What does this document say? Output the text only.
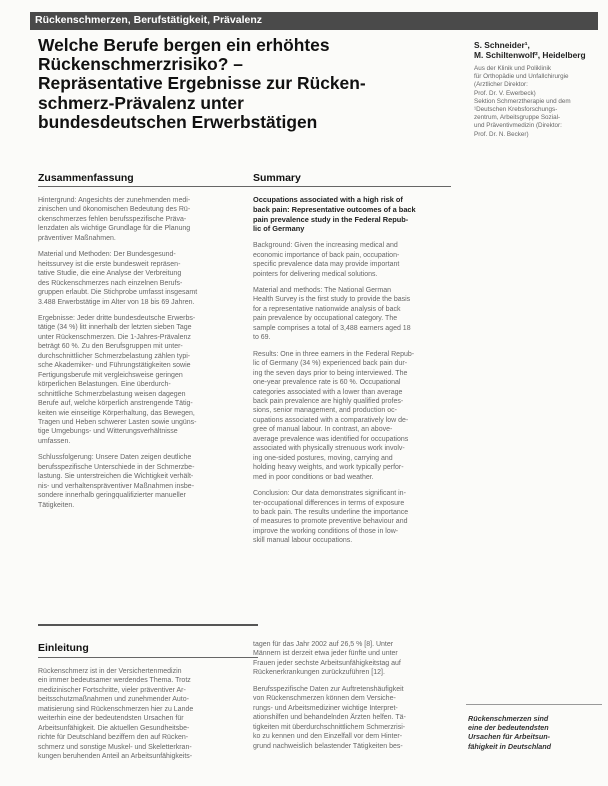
Rückenschmerzen, Berufstätigkeit, Prävalenz
Welche Berufe bergen ein erhöhtes
Rückenschmerzrisiko? –
Repräsentative Ergebnisse zur Rücken-
schmerz-Prävalenz unter
bundesdeutschen Erwerbstätigen
S. Schneider¹,
M. Schiltenwolf², Heidelberg
Aus der Klinik und Poliklinik
für Orthopädie und Unfallchirurgie
(Ärztlicher Direktor:
Prof. Dr. V. Ewerbeck)
Sektion Schmerztherapie und dem
¹Deutschen Krebsforschungs-
zentrum, Arbeitsgruppe Sozial-
und Präventivmedizin (Direktor:
Prof. Dr. N. Becker)
Zusammenfassung
Hintergrund: Angesichts der zunehmenden medi-
zinischen und ökonomischen Bedeutung des Rü-
ckenschmerzes fehlen berufsspezifische Präva-
lenzdaten als wichtige Grundlage für die Planung
präventiver Maßnahmen.
Material und Methoden: Der Bundesgesund-
heitssurvey ist die erste bundesweit repräsen-
tative Studie, die eine Analyse der Verbreitung
des Rückenschmerzes nach einzelnen Berufs-
gruppen erlaubt. Die Stichprobe umfasst insgesamt
3.488 Erwerbstätige im Alter von 18 bis 69 Jahren.
Ergebnisse: Jeder dritte bundesdeutsche Erwerbs-
tätige (34 %) litt innerhalb der letzten sieben Tage
unter Rückenschmerzen. Die 1-Jahres-Prävalenz
beträgt 60 %. Zu den Berufsgruppen mit unter-
durchschnittlicher Schmerzbelastung zählen typi-
sche Akademiker- und Führungstätigkeiten sowie
Fertigungsberufe mit vergleichsweise geringen
körperlichen Belastungen. Eine überdurch-
schnittliche Schmerzbelastung weisen dagegen
Berufe auf, welche körperlich anstrengende Tätig-
keiten wie einseitige Körperhaltung, das Bewegen,
Tragen und Heben schwerer Lasten sowie ungüns-
tige Umgebungs- und Witterungsverhältnisse
umfassen.
Schlussfolgerung: Unsere Daten zeigen deutliche
berufsspezifische Unterschiede in der Schmerzbe-
lastung. Sie unterstreichen die Wichtigkeit verhält-
nis- und verhaltenspräventiver Maßnahmen insbe-
sondere innerhalb geringqualifizierter manueller
Tätigkeiten.
Summary
Occupations associated with a high risk of
back pain: Representative outcomes of a back
pain prevalence study in the Federal Repub-
lic of Germany
Background: Given the increasing medical and
economic importance of back pain, occupation-
specific prevalence data may provide important
pointers for delivering medical solutions.
Material and methods: The National German
Health Survey is the first study to provide the basis
for a representative nationwide analysis of back
pain prevalence by occupational category. The
sample comprises a total of 3,488 earners aged 18
to 69.
Results: One in three earners in the Federal Repub-
lic of Germany (34 %) experienced back pain dur-
ing the seven days prior to being interviewed. The
one-year prevalence rate is 60 %. Occupational
categories associated with a lower than average
back pain prevalence are highly qualified profes-
sions, senior management, and production oc-
cupations associated with a comparatively low de-
gree of manual labour. In contrast, an above-
average prevalence was identified for occupations
associated with physically strenuous work involv-
ing one-sided postures, moving, carrying and
holding heavy weights, and work typically perfor-
med in poor conditions or bad weather.
Conclusion: Our data demonstrates significant in-
ter-occupational differences in terms of exposure
to back pain. The results underline the importance
of measures to promote preventive behaviour and
improve the working conditions of those in low-
skill manual labour occupations.
Einleitung
Rückenschmerz ist in der Versichertenmedizin
ein immer bedeutsamer werdendes Thema. Trotz
medizinischer Fortschritte, vieler präventiver Ar-
beitsschutzmaßnahmen und zunehmender Auto-
matisierung sind Rückenschmerzen hier zu Lande
weiterhin eine der bedeutendsten Ursachen für
Arbeitsunfähigkeit. Die aktuellen Gesundheitsbe-
richte für Deutschland beziffern den auf Rücken-
schmerz und sonstige Muskel- und Skeletterkran-
kungen beruhenden Anteil an Arbeitsunfähigkeits-
tagen für das Jahr 2002 auf 26,5 % [8]. Unter
Männern ist derzeit etwa jeder fünfte und unter
Frauen jeder sechste Arbeitsunfähigkeitstag auf
Rückenerkrankungen zurückzuführen [12].
Berufsspezifische Daten zur Auftretenshäufigkeit
von Rückenschmerzen können dem Versiche-
rungs- und Arbeitsmediziner wichtige Interpret-
ationshilfen und behandelnden Ärzten helfen. Tä-
tigkeiten mit überdurchschnittlichem Schmerzrisi-
ko zu kennen und den Einzelfall vor dem Hinter-
grund nachweislich belastender Tätigkeiten bes-
Rückenschmerzen sind
eine der bedeutendsten
Ursachen für Arbeitsun-
fähigkeit in Deutschland
